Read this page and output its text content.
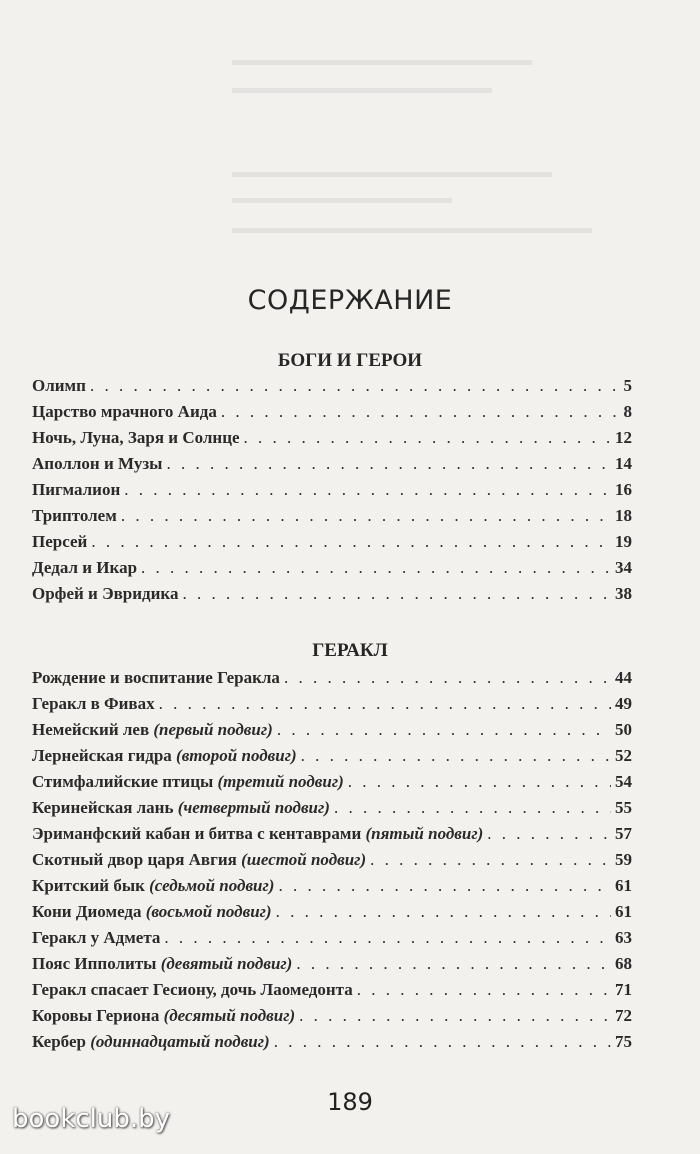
СОДЕРЖАНИЕ
БОГИ И ГЕРОИ
Олимп . . .	5
Царство мрачного Аида . . .	8
Ночь, Луна, Заря и Солнце . . .	12
Аполлон и Музы . . .	14
Пигмалион . . .	16
Триптолем . . .	18
Персей . . .	19
Дедал и Икар . . .	34
Орфей и Эвридика . . .	38
ГЕРАКЛ
Рождение и воспитание Геракла . . .	44
Геракл в Фивах . . .	49
Немейский лев (первый подвиг) . . .	50
Лернейская гидра (второй подвиг) . . .	52
Стимфалийские птицы (третий подвиг) . . .	54
Керинейская лань (четвертый подвиг) . . .	55
Эриманфский кабан и битва с кентаврами (пятый подвиг) . . .	57
Скотный двор царя Авгия (шестой подвиг) . . .	59
Критский бык (седьмой подвиг) . . .	61
Кони Диомеда (восьмой подвиг) . . .	61
Геракл у Адмета . . .	63
Пояс Ипполиты (девятый подвиг) . . .	68
Геракл спасает Гесиону, дочь Лаомедонта . . .	71
Коровы Гериона (десятый подвиг) . . .	72
Кербер (одиннадцатый подвиг) . . .	75
189
bookclub.by
